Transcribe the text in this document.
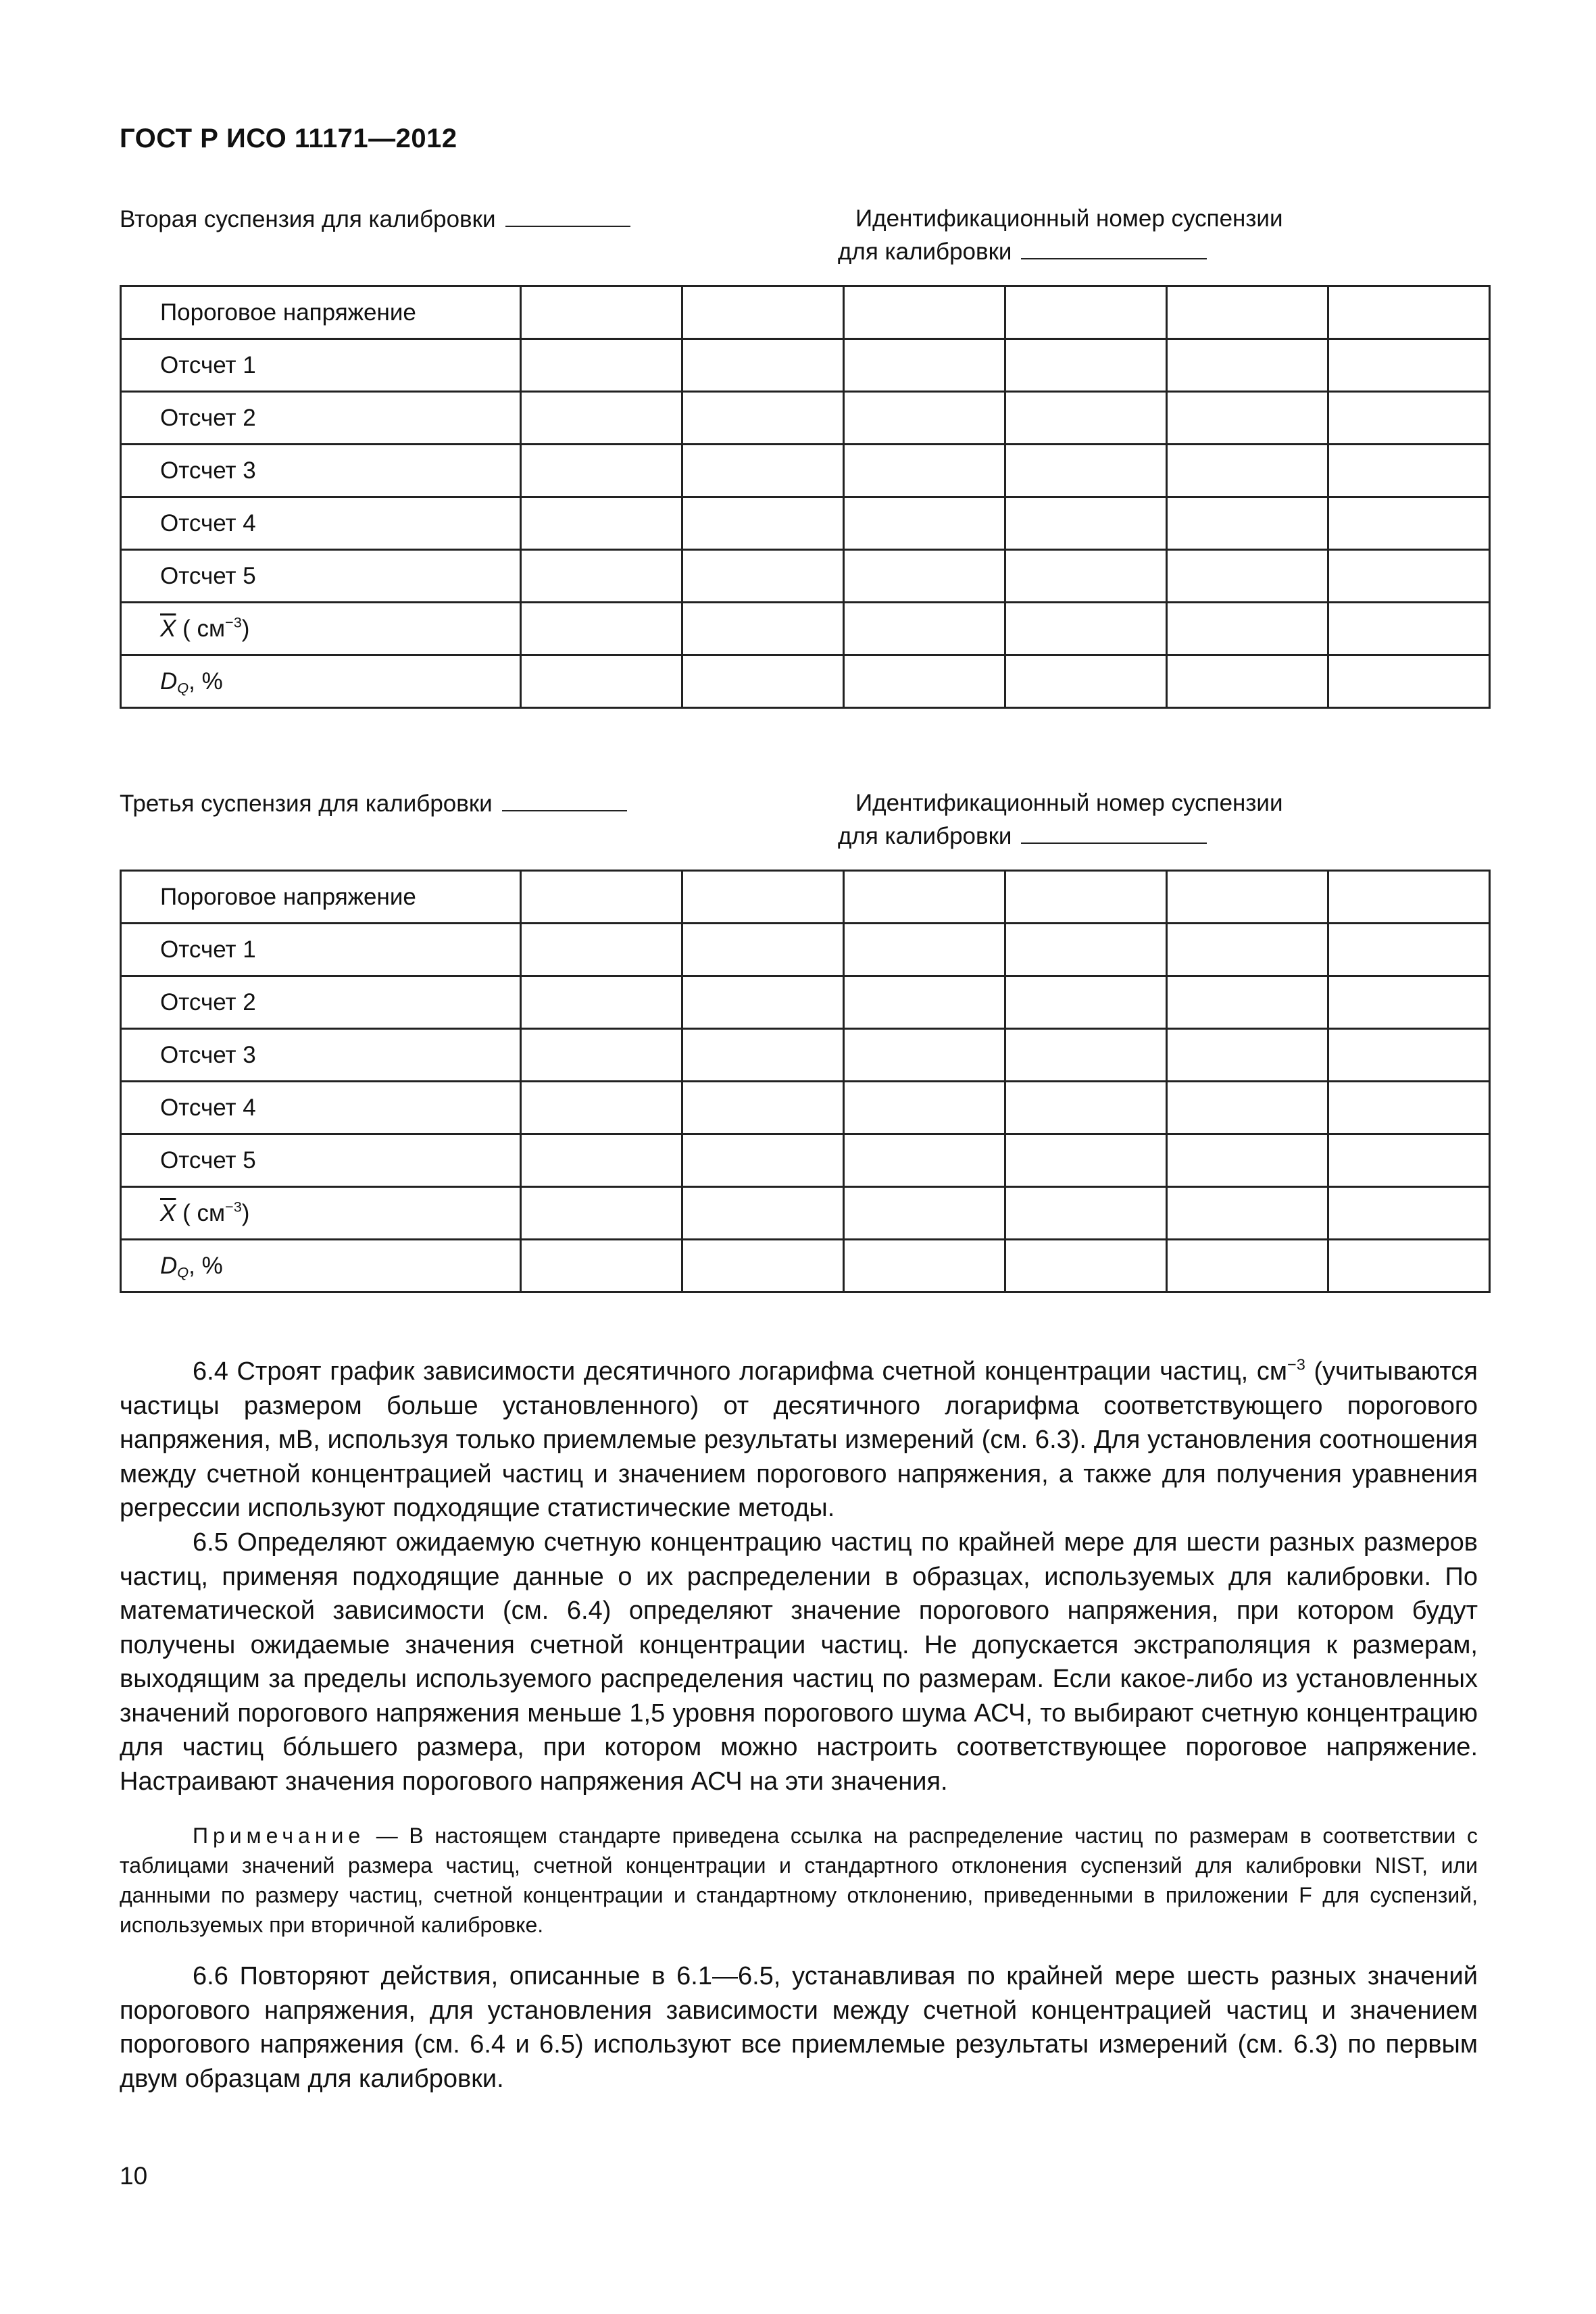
ГОСТ Р ИСО 11171—2012
Вторая суспензия для калибровки	Идентификационный номер суспензии
для калибровки
Пороговое напряжение						
Отсчет 1						
Отсчет 2						
Отсчет 3						
Отсчет 4						
Отсчет 5						
$\overline{X}$ ( $см^{-3}$)						
$D_Q$, %						
Третья суспензия для калибровки	Идентификационный номер суспензии
для калибровки
Пороговое напряжение						
Отсчет 1						
Отсчет 2						
Отсчет 3						
Отсчет 4						
Отсчет 5						
$\overline{X}$ ( $см^{-3}$)						
$D_Q$, %						

6.4 Строят график зависимости десятичного логарифма счетной концентрации частиц, $см^{-3}$ (учитываются частицы размером больше установленного) от десятичного логарифма соответствующего порогового напряжения, мВ, используя только приемлемые результаты измерений (см. 6.3). Для установления соотношения между счетной концентрацией частиц и значением порогового напряжения, а также для получения уравнения регрессии используют подходящие статистические методы.

6.5 Определяют ожидаемую счетную концентрацию частиц по крайней мере для шести разных размеров частиц, применяя подходящие данные о их распределении в образцах, используемых для калибровки. По математической зависимости (см. 6.4) определяют значение порогового напряжения, при котором будут получены ожидаемые значения счетной концентрации частиц. Не допускается экстраполяция к размерам, выходящим за пределы используемого распределения частиц по размерам. Если какое-либо из установленных значений порогового напряжения меньше 1,5 уровня порогового шума АСЧ, то выбирают счетную концентрацию для частиц бóльшего размера, при котором можно настроить соответствующее пороговое напряжение. Настраивают значения порогового напряжения АСЧ на эти значения.

Примечание — В настоящем стандарте приведена ссылка на распределение частиц по размерам в соответствии с таблицами значений размера частиц, счетной концентрации и стандартного отклонения суспензий для калибровки NIST, или данными по размеру частиц, счетной концентрации и стандартному отклонению, приведенными в приложении F для суспензий, используемых при вторичной калибровке.

6.6 Повторяют действия, описанные в 6.1—6.5, устанавливая по крайней мере шесть разных значений порогового напряжения, для установления зависимости между счетной концентрацией частиц и значением порогового напряжения (см. 6.4 и 6.5) используют все приемлемые результаты измерений (см. 6.3) по первым двум образцам для калибровки.

10
